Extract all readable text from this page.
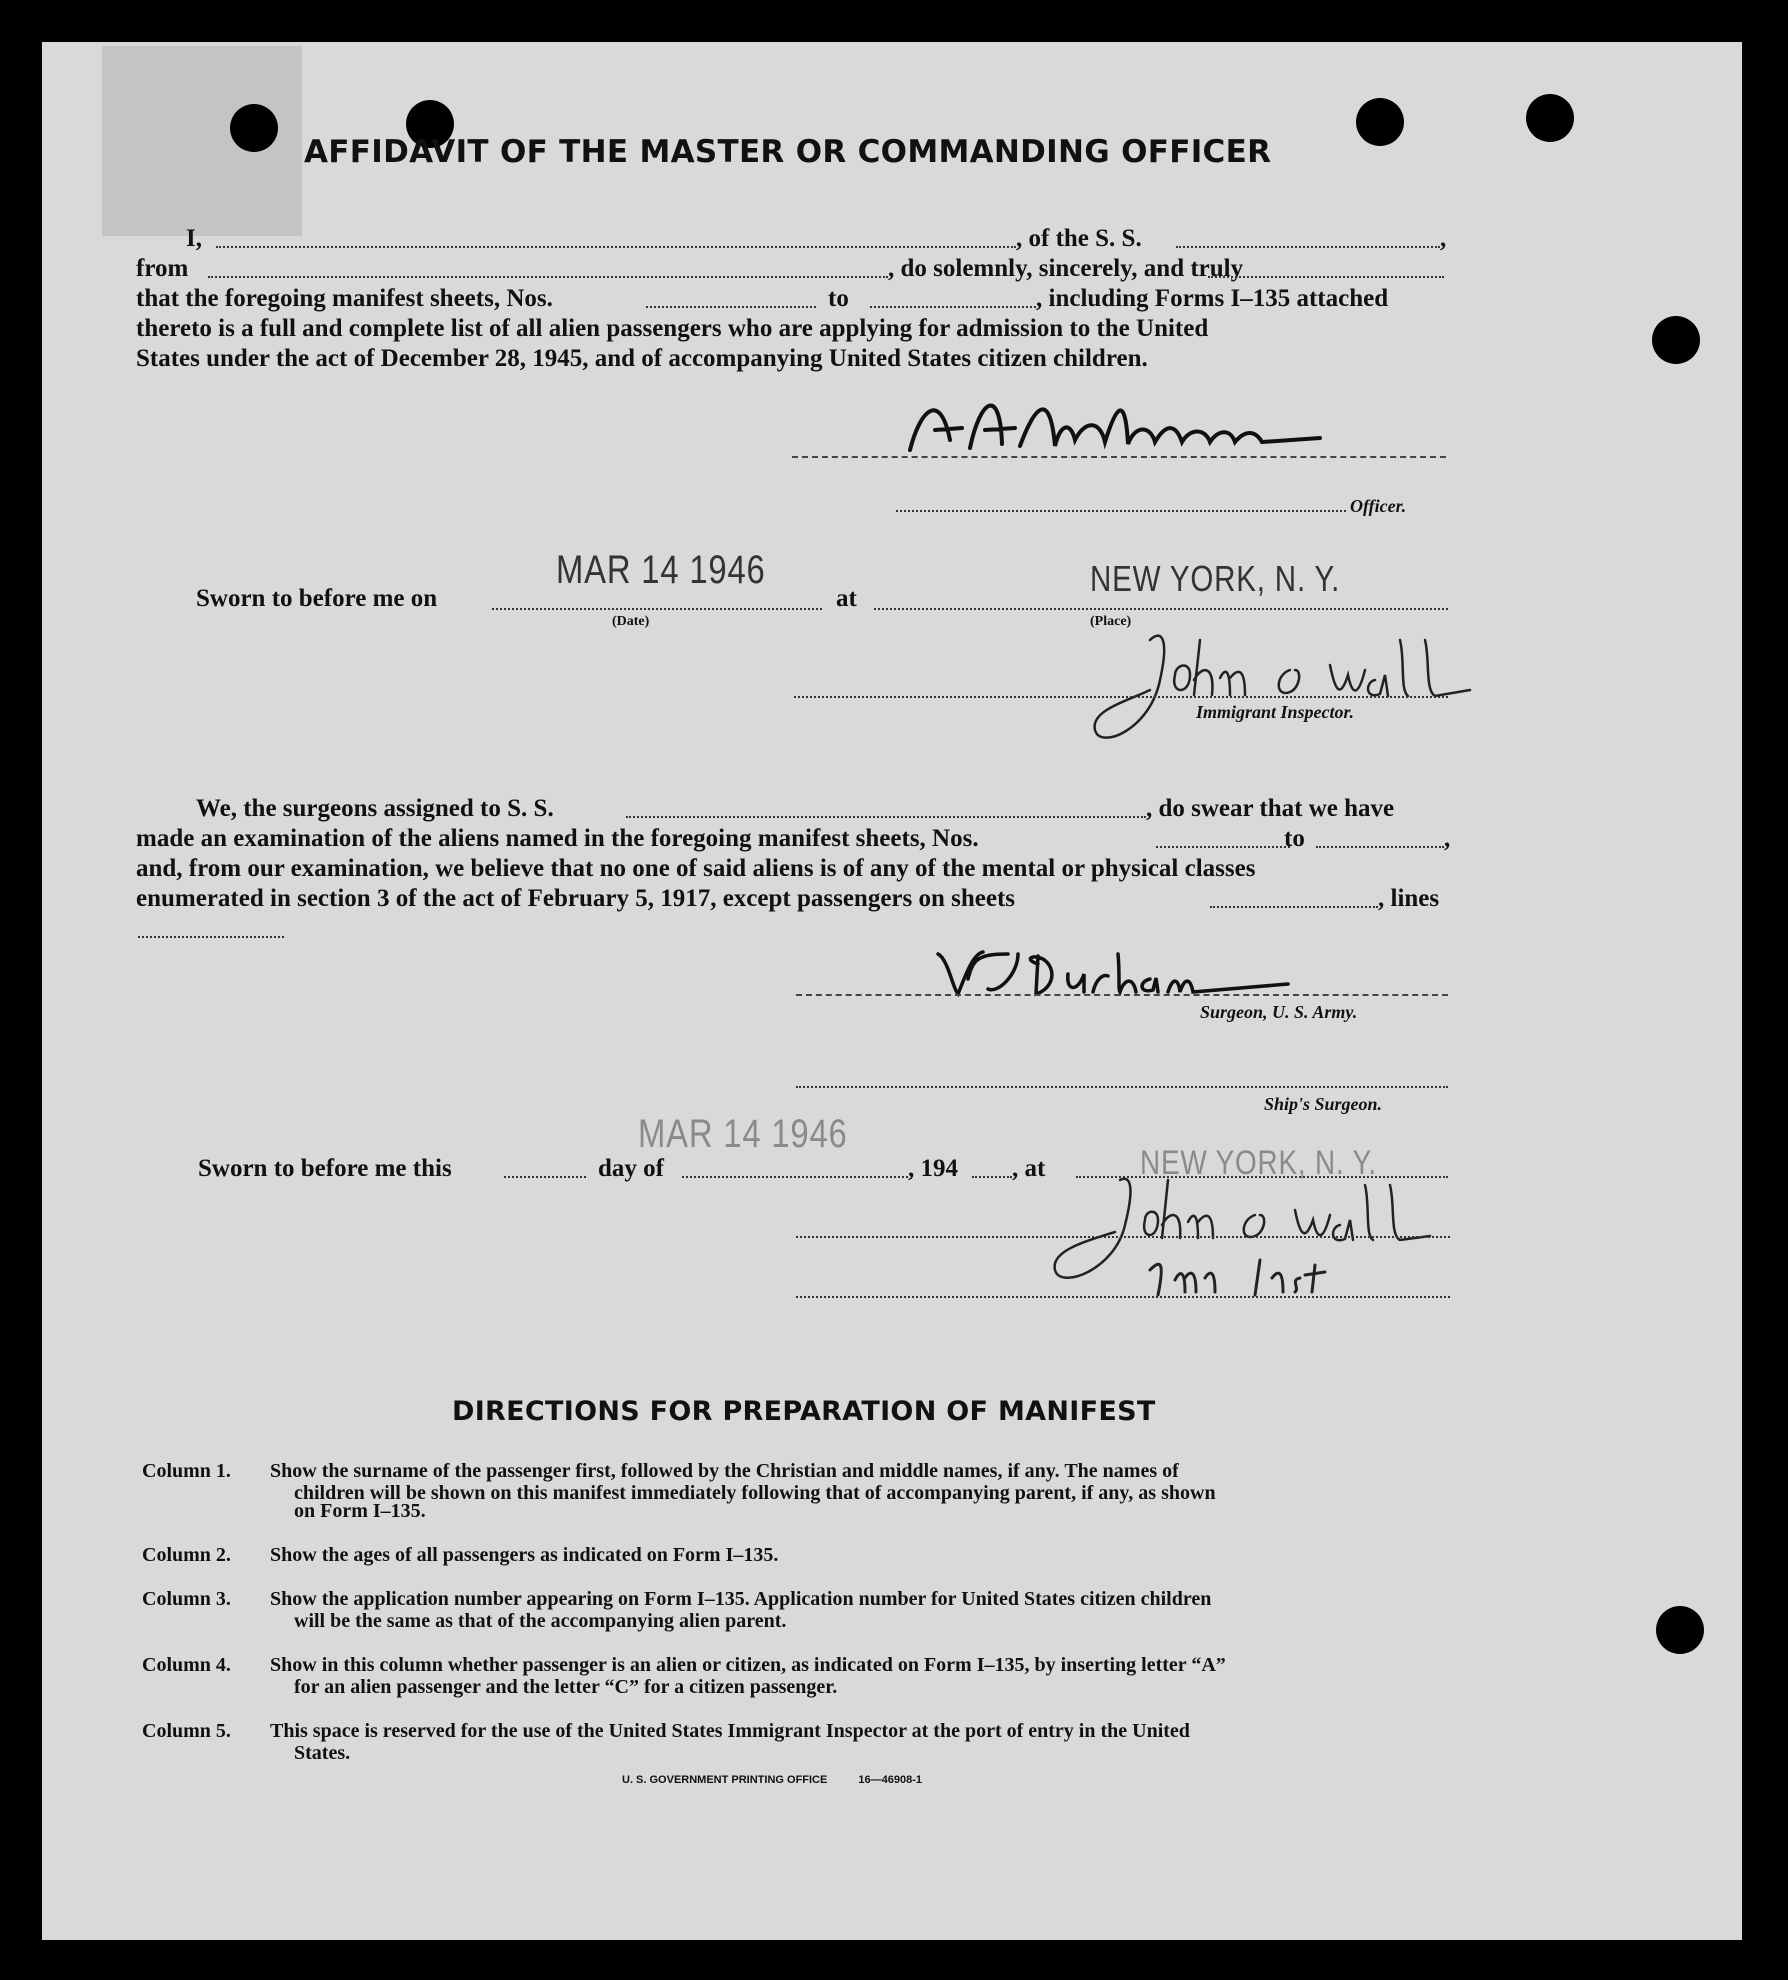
AFFIDAVIT OF THE MASTER OR COMMANDING OFFICER
I,	, of the S. S.	,
from	, do solemnly, sincerely, and truly
that the foregoing manifest sheets, Nos.	to	, including Forms I–135 attached
thereto is a full and complete list of all alien passengers who are applying for admission to the United
States under the act of December 28, 1945, and of accompanying United States citizen children.
Officer.
Sworn to before me on
MAR 14 1946
(Date)
at	NEW YORK, N. Y.
(Place)
Immigrant Inspector.
We, the surgeons assigned to S. S.	, do swear that we have
made an examination of the aliens named in the foregoing manifest sheets, Nos.	to	,
and, from our examination, we believe that no one of said aliens is of any of the mental or physical classes
enumerated in section 3 of the act of February 5, 1917, except passengers on sheets	, lines
Surgeon, U. S. Army.
Ship's Surgeon.
MAR 14 1946
Sworn to before me this	day of	, 194 , at	NEW YORK, N. Y.
DIRECTIONS FOR PREPARATION OF MANIFEST
Column 1. Show the surname of the passenger first, followed by the Christian and middle names, if any. The names of
children will be shown on this manifest immediately following that of accompanying parent, if any, as shown
on Form I–135.
Column 2. Show the ages of all passengers as indicated on Form I–135.
Column 3. Show the application number appearing on Form I–135. Application number for United States citizen children
will be the same as that of the accompanying alien parent.
Column 4. Show in this column whether passenger is an alien or citizen, as indicated on Form I–135, by inserting letter “A”
for an alien passenger and the letter “C” for a citizen passenger.
Column 5. This space is reserved for the use of the United States Immigrant Inspector at the port of entry in the United
States.
U. S. GOVERNMENT PRINTING OFFICE	16—46908-1
